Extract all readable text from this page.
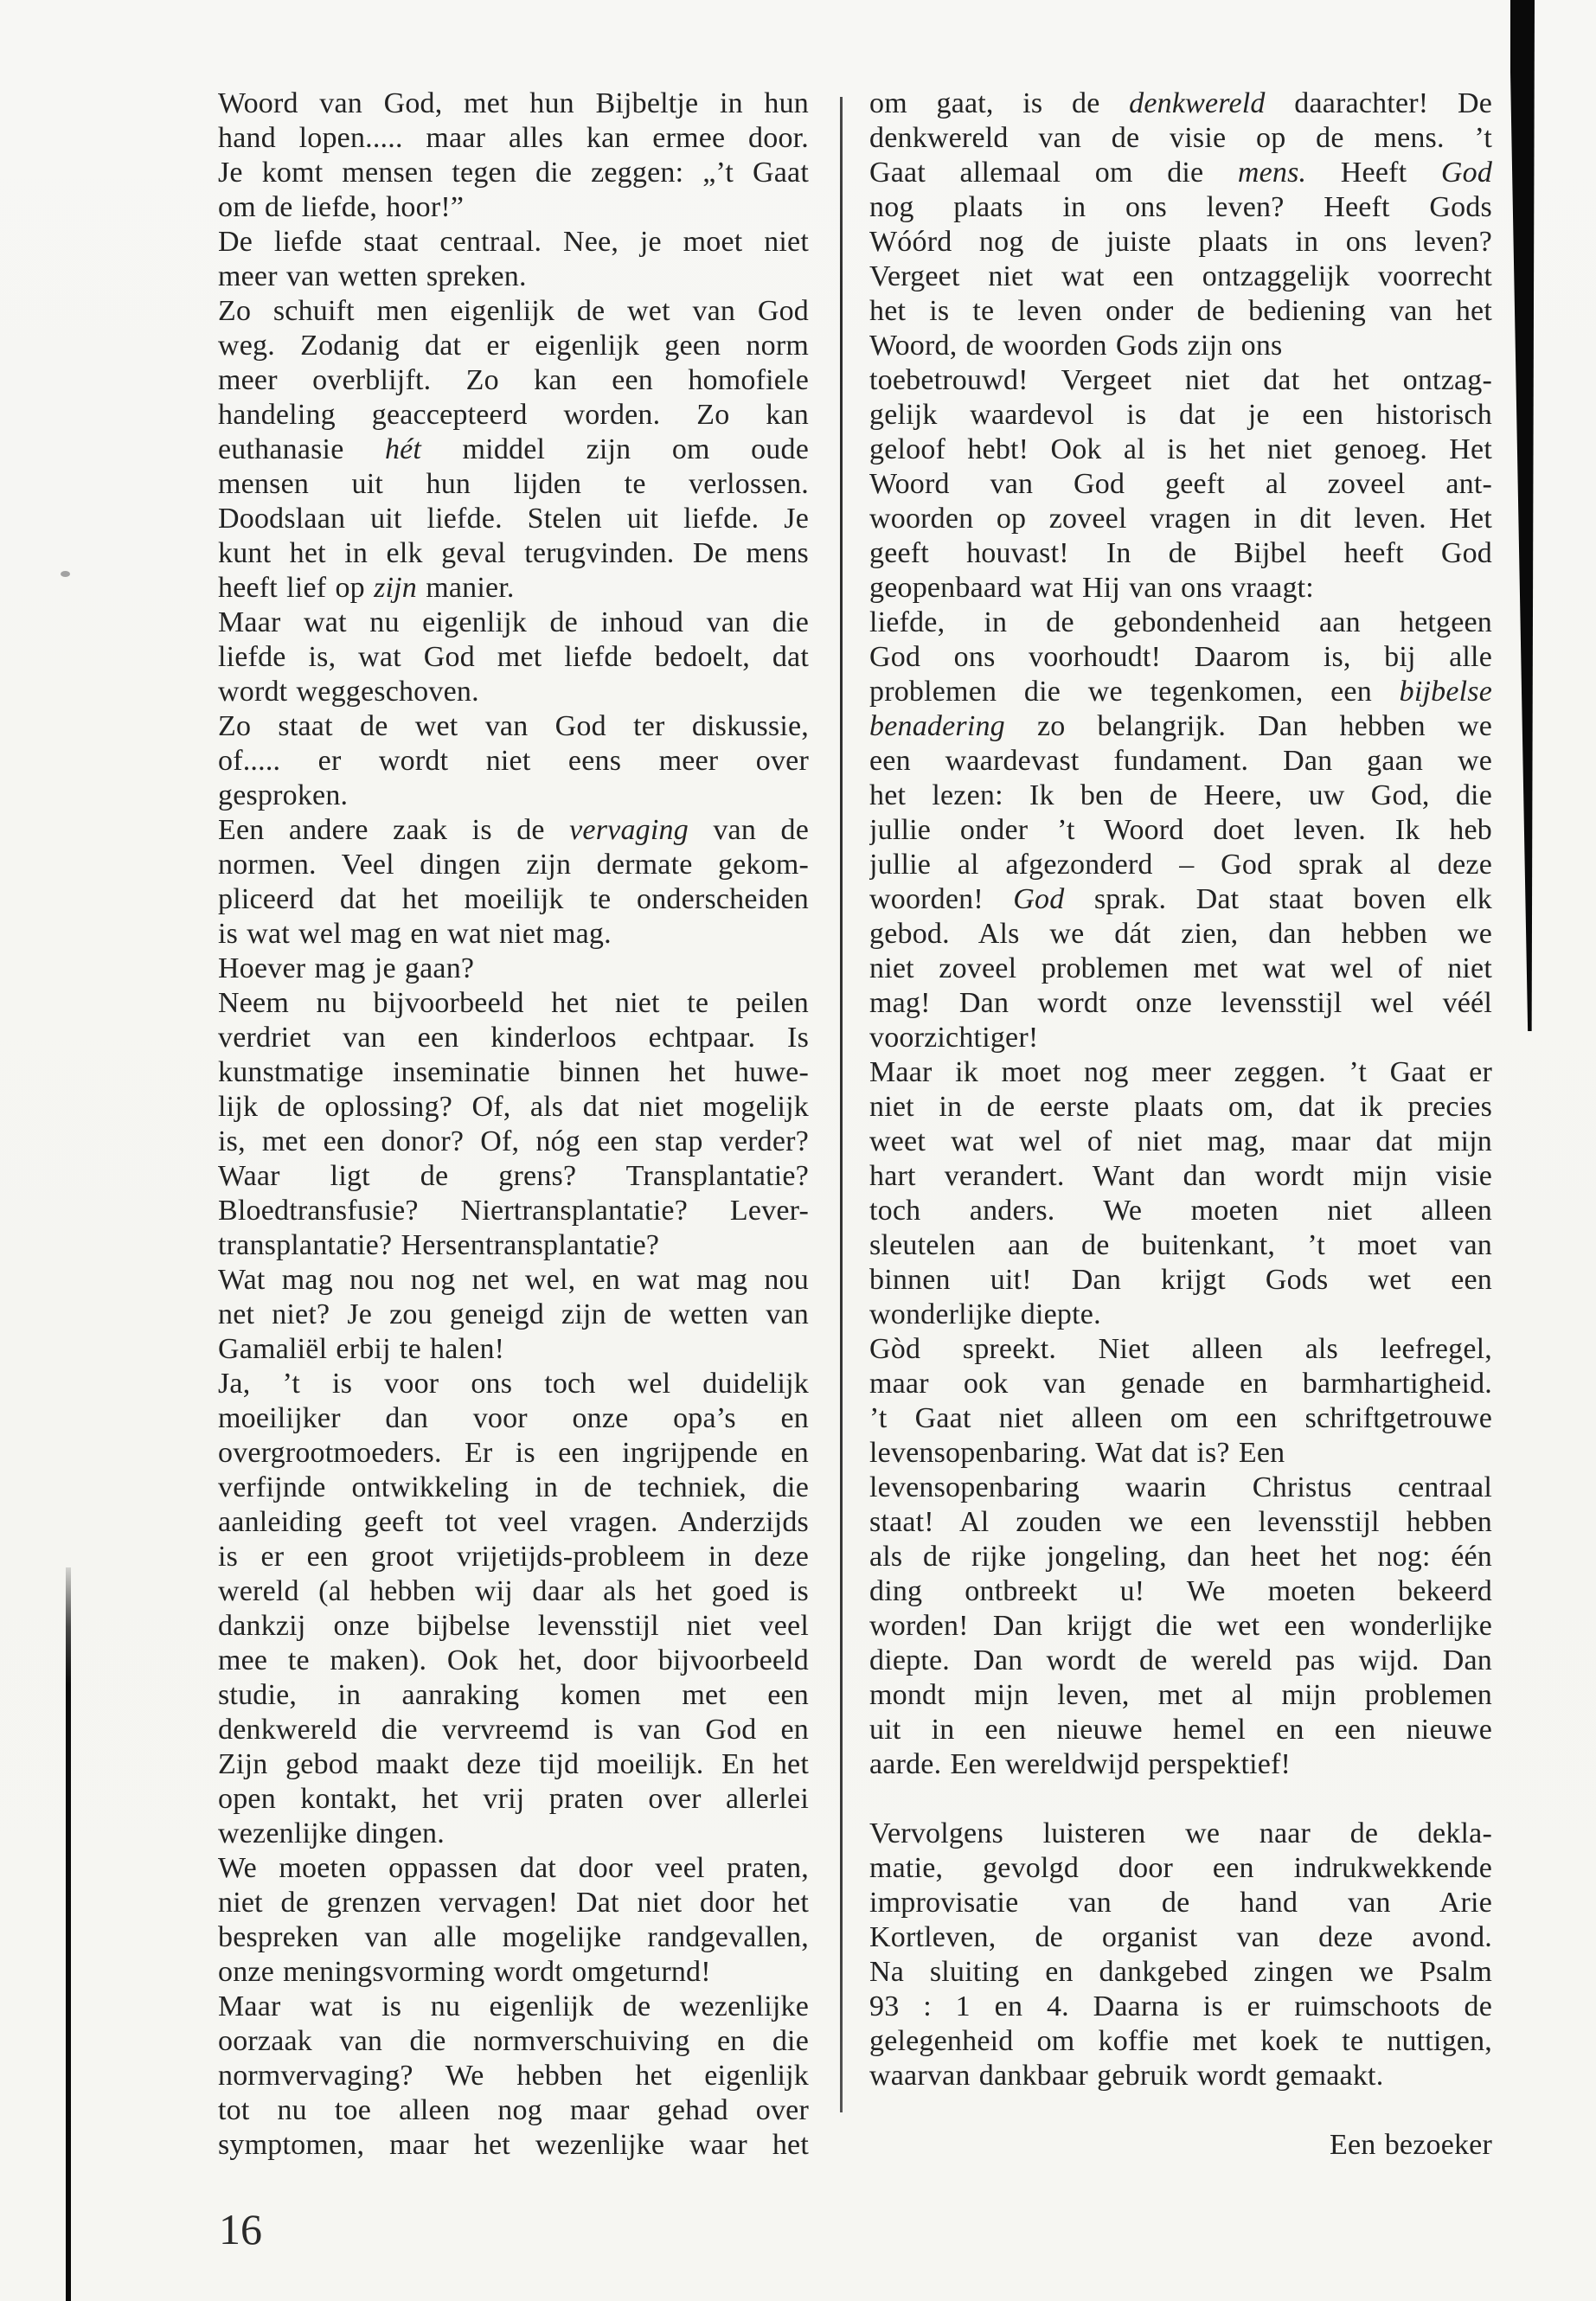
Woord van God, met hun Bijbeltje in hun
hand lopen..... maar alles kan ermee door.
Je komt mensen tegen die zeggen: „’t Gaat
om de liefde, hoor!”
De liefde staat centraal. Nee, je moet niet
meer van wetten spreken.
Zo schuift men eigenlijk de wet van God
weg. Zodanig dat er eigenlijk geen norm
meer overblijft. Zo kan een homofiele
handeling geaccepteerd worden. Zo kan
euthanasie hét middel zijn om oude
mensen uit hun lijden te verlossen.
Doodslaan uit liefde. Stelen uit liefde. Je
kunt het in elk geval terugvinden. De mens
heeft lief op zijn manier.
Maar wat nu eigenlijk de inhoud van die
liefde is, wat God met liefde bedoelt, dat
wordt weggeschoven.
Zo staat de wet van God ter diskussie,
of..... er wordt niet eens meer over
gesproken.
Een andere zaak is de vervaging van de
normen. Veel dingen zijn dermate gekom-
pliceerd dat het moeilijk te onderscheiden
is wat wel mag en wat niet mag.
Hoever mag je gaan?
Neem nu bijvoorbeeld het niet te peilen
verdriet van een kinderloos echtpaar. Is
kunstmatige inseminatie binnen het huwe-
lijk de oplossing? Of, als dat niet mogelijk
is, met een donor? Of, nóg een stap verder?
Waar ligt de grens? Transplantatie?
Bloedtransfusie? Niertransplantatie? Lever-
transplantatie? Hersentransplantatie?
Wat mag nou nog net wel, en wat mag nou
net niet? Je zou geneigd zijn de wetten van
Gamaliël erbij te halen!
Ja, ’t is voor ons toch wel duidelijk
moeilijker dan voor onze opa’s en
overgrootmoeders. Er is een ingrijpende en
verfijnde ontwikkeling in de techniek, die
aanleiding geeft tot veel vragen. Anderzijds
is er een groot vrijetijds-probleem in deze
wereld (al hebben wij daar als het goed is
dankzij onze bijbelse levensstijl niet veel
mee te maken). Ook het, door bijvoorbeeld
studie, in aanraking komen met een
denkwereld die vervreemd is van God en
Zijn gebod maakt deze tijd moeilijk. En het
open kontakt, het vrij praten over allerlei
wezenlijke dingen.
We moeten oppassen dat door veel praten,
niet de grenzen vervagen! Dat niet door het
bespreken van alle mogelijke randgevallen,
onze meningsvorming wordt omgeturnd!
Maar wat is nu eigenlijk de wezenlijke
oorzaak van die normverschuiving en die
normvervaging? We hebben het eigenlijk
tot nu toe alleen nog maar gehad over
symptomen, maar het wezenlijke waar het
om gaat, is de denkwereld daarachter! De
denkwereld van de visie op de mens. ’t
Gaat allemaal om die mens. Heeft God
nog plaats in ons leven? Heeft Gods
Wóórd nog de juiste plaats in ons leven?
Vergeet niet wat een ontzaggelijk voorrecht
het is te leven onder de bediening van het
Woord, de woorden Gods zijn ons
toebetrouwd! Vergeet niet dat het ontzag-
gelijk waardevol is dat je een historisch
geloof hebt! Ook al is het niet genoeg. Het
Woord van God geeft al zoveel ant-
woorden op zoveel vragen in dit leven. Het
geeft houvast! In de Bijbel heeft God
geopenbaard wat Hij van ons vraagt:
liefde, in de gebondenheid aan hetgeen
God ons voorhoudt! Daarom is, bij alle
problemen die we tegenkomen, een bijbelse
benadering zo belangrijk. Dan hebben we
een waardevast fundament. Dan gaan we
het lezen: Ik ben de Heere, uw God, die
jullie onder ’t Woord doet leven. Ik heb
jullie al afgezonderd – God sprak al deze
woorden! God sprak. Dat staat boven elk
gebod. Als we dát zien, dan hebben we
niet zoveel problemen met wat wel of niet
mag! Dan wordt onze levensstijl wel véél
voorzichtiger!
Maar ik moet nog meer zeggen. ’t Gaat er
niet in de eerste plaats om, dat ik precies
weet wat wel of niet mag, maar dat mijn
hart verandert. Want dan wordt mijn visie
toch anders. We moeten niet alleen
sleutelen aan de buitenkant, ’t moet van
binnen uit! Dan krijgt Gods wet een
wonderlijke diepte.
Gòd spreekt. Niet alleen als leefregel,
maar ook van genade en barmhartigheid.
’t Gaat niet alleen om een schriftgetrouwe
levensopenbaring. Wat dat is? Een
levensopenbaring waarin Christus centraal
staat! Al zouden we een levensstijl hebben
als de rijke jongeling, dan heet het nog: één
ding ontbreekt u! We moeten bekeerd
worden! Dan krijgt die wet een wonderlijke
diepte. Dan wordt de wereld pas wijd. Dan
mondt mijn leven, met al mijn problemen
uit in een nieuwe hemel en een nieuwe
aarde. Een wereldwijd perspektief!

Vervolgens luisteren we naar de dekla-
matie, gevolgd door een indrukwekkende
improvisatie van de hand van Arie
Kortleven, de organist van deze avond.
Na sluiting en dankgebed zingen we Psalm
93 : 1 en 4. Daarna is er ruimschoots de
gelegenheid om koffie met koek te nuttigen,
waarvan dankbaar gebruik wordt gemaakt.

Een bezoeker
16
